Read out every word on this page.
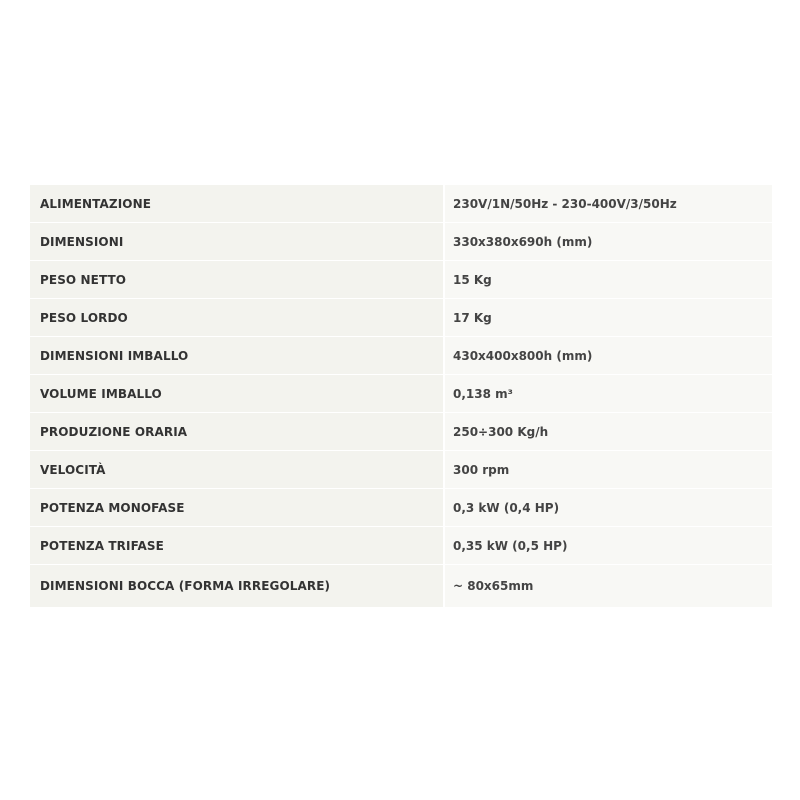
ALIMENTAZIONE	230V/1N/50Hz - 230-400V/3/50Hz
DIMENSIONI	330x380x690h (mm)
PESO NETTO	15 Kg
PESO LORDO	17 Kg
DIMENSIONI IMBALLO	430x400x800h (mm)
VOLUME IMBALLO	0,138 m³
PRODUZIONE ORARIA	250÷300 Kg/h
VELOCITÀ	300 rpm
POTENZA MONOFASE	0,3 kW (0,4 HP)
POTENZA TRIFASE	0,35 kW (0,5 HP)
DIMENSIONI BOCCA (FORMA IRREGOLARE)	~ 80x65mm
